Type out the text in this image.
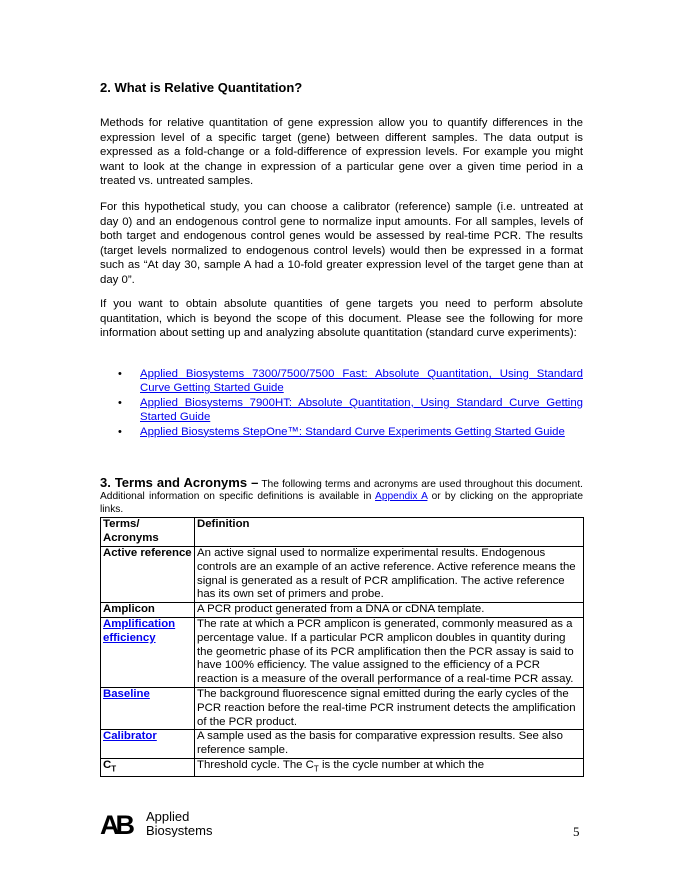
2. What is Relative Quantitation?

Methods for relative quantitation of gene expression allow you to quantify differences in the expression level of a specific target (gene) between different samples. The data output is expressed as a fold-change or a fold-difference of expression levels. For example you might want to look at the change in expression of a particular gene over a given time period in a treated vs. untreated samples.

For this hypothetical study, you can choose a calibrator (reference) sample (i.e. untreated at day 0) and an endogenous control gene to normalize input amounts. For all samples, levels of both target and endogenous control genes would be assessed by real-time PCR. The results (target levels normalized to endogenous control levels) would then be expressed in a format such as “At day 30, sample A had a 10-fold greater expression level of the target gene than at day 0”.

If you want to obtain absolute quantities of gene targets you need to perform absolute quantitation, which is beyond the scope of this document. Please see the following for more information about setting up and analyzing absolute quantitation (standard curve experiments):

• Applied Biosystems 7300/7500/7500 Fast: Absolute Quantitation, Using Standard Curve Getting Started Guide
• Applied Biosystems 7900HT: Absolute Quantitation, Using Standard Curve Getting Started Guide
• Applied Biosystems StepOne™: Standard Curve Experiments Getting Started Guide

3. Terms and Acronyms – The following terms and acronyms are used throughout this document. Additional information on specific definitions is available in Appendix A or by clicking on the appropriate links.

Terms/ Acronyms	Definition
Active reference	An active signal used to normalize experimental results. Endogenous controls are an example of an active reference. Active reference means the signal is generated as a result of PCR amplification. The active reference has its own set of primers and probe.
Amplicon	A PCR product generated from a DNA or cDNA template.
Amplification efficiency	The rate at which a PCR amplicon is generated, commonly measured as a percentage value. If a particular PCR amplicon doubles in quantity during the geometric phase of its PCR amplification then the PCR assay is said to have 100% efficiency. The value assigned to the efficiency of a PCR reaction is a measure of the overall performance of a real-time PCR assay.
Baseline	The background fluorescence signal emitted during the early cycles of the PCR reaction before the real-time PCR instrument detects the amplification of the PCR product.
Calibrator	A sample used as the basis for comparative expression results. See also reference sample.
$C_T$	Threshold cycle. The $C_T$ is the cycle number at which the
AB Applied
Biosystems	5
